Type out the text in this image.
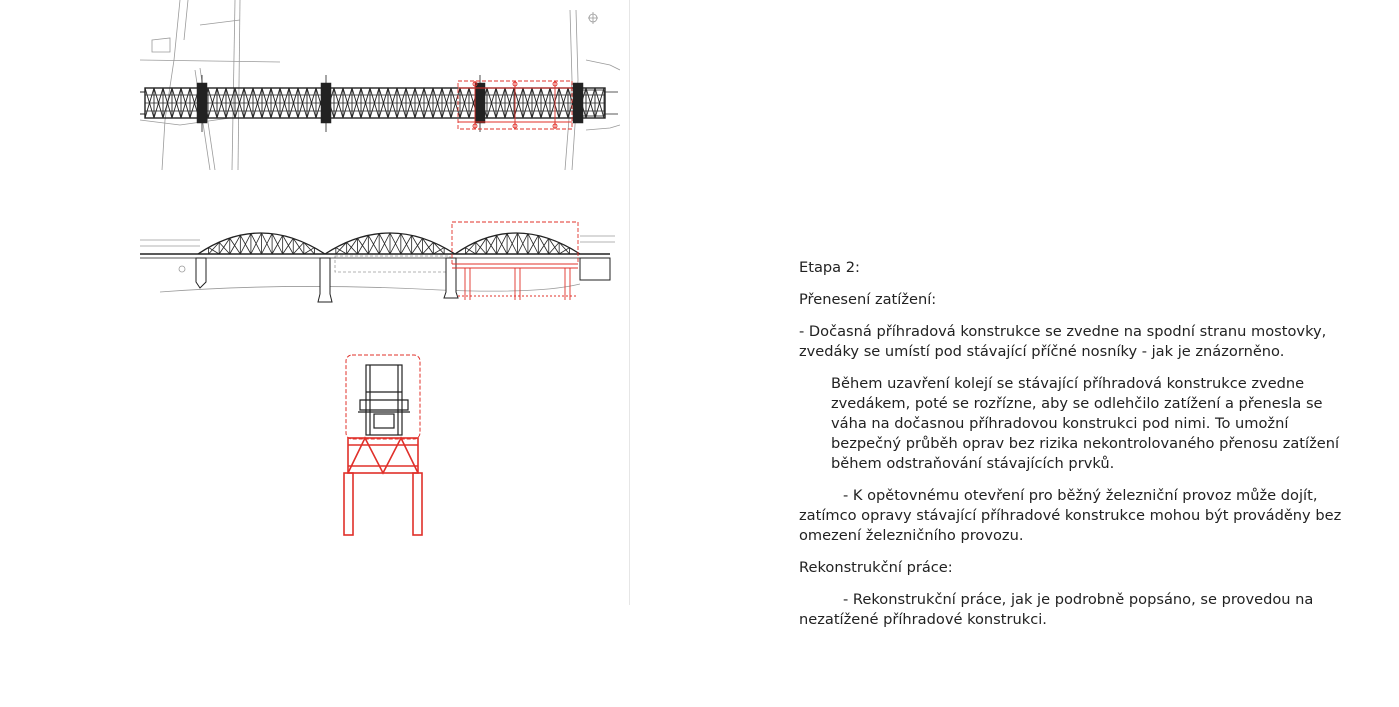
Etapa 2:

Přenesení zatížení:

- Dočasná příhradová konstrukce se zvedne na spodní stranu mostovky, zvedáky se umístí pod stávající příčné nosníky - jak je znázorněno.

Během uzavření kolejí se stávající příhradová konstrukce zvedne zvedákem, poté se rozřízne, aby se odlehčilo zatížení a přenesla se váha na dočasnou příhradovou konstrukci pod nimi. To umožní bezpečný průběh oprav bez rizika nekontrolovaného přenosu zatížení během odstraňování stávajících prvků.

- K opětovnému otevření pro běžný železniční provoz může dojít, zatímco opravy stávající příhradové konstrukce mohou být prováděny bez omezení železničního provozu.

Rekonstrukční práce:

- Rekonstrukční práce, jak je podrobně popsáno, se provedou na nezatížené příhradové konstrukci.
